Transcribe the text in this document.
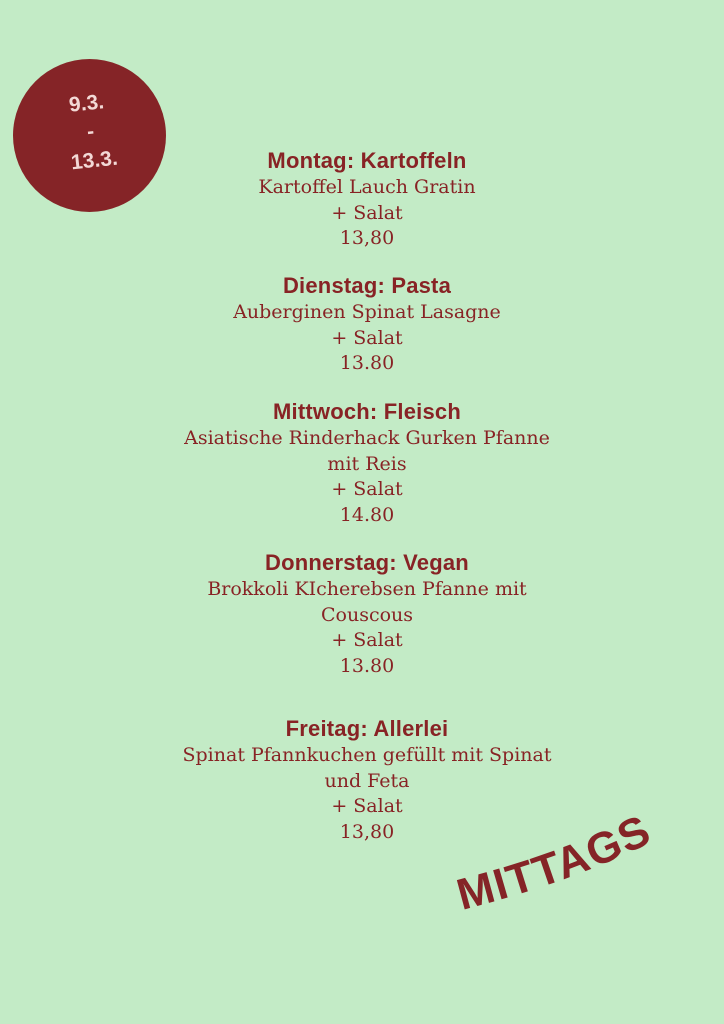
9.3.
-
13.3.	Montag: Kartoffeln
Kartoffel Lauch Gratin
+ Salat
13,80
Dienstag: Pasta
Auberginen Spinat Lasagne
+ Salat
13.80
Mittwoch: Fleisch
Asiatische Rinderhack Gurken Pfanne
mit Reis
+ Salat
14.80
Donnerstag: Vegan
Brokkoli KIcherebsen Pfanne mit
Couscous
+ Salat
13.80
Freitag: Allerlei
Spinat Pfannkuchen gefüllt mit Spinat
und Feta
+ Salat
13,80
MITTAGS
